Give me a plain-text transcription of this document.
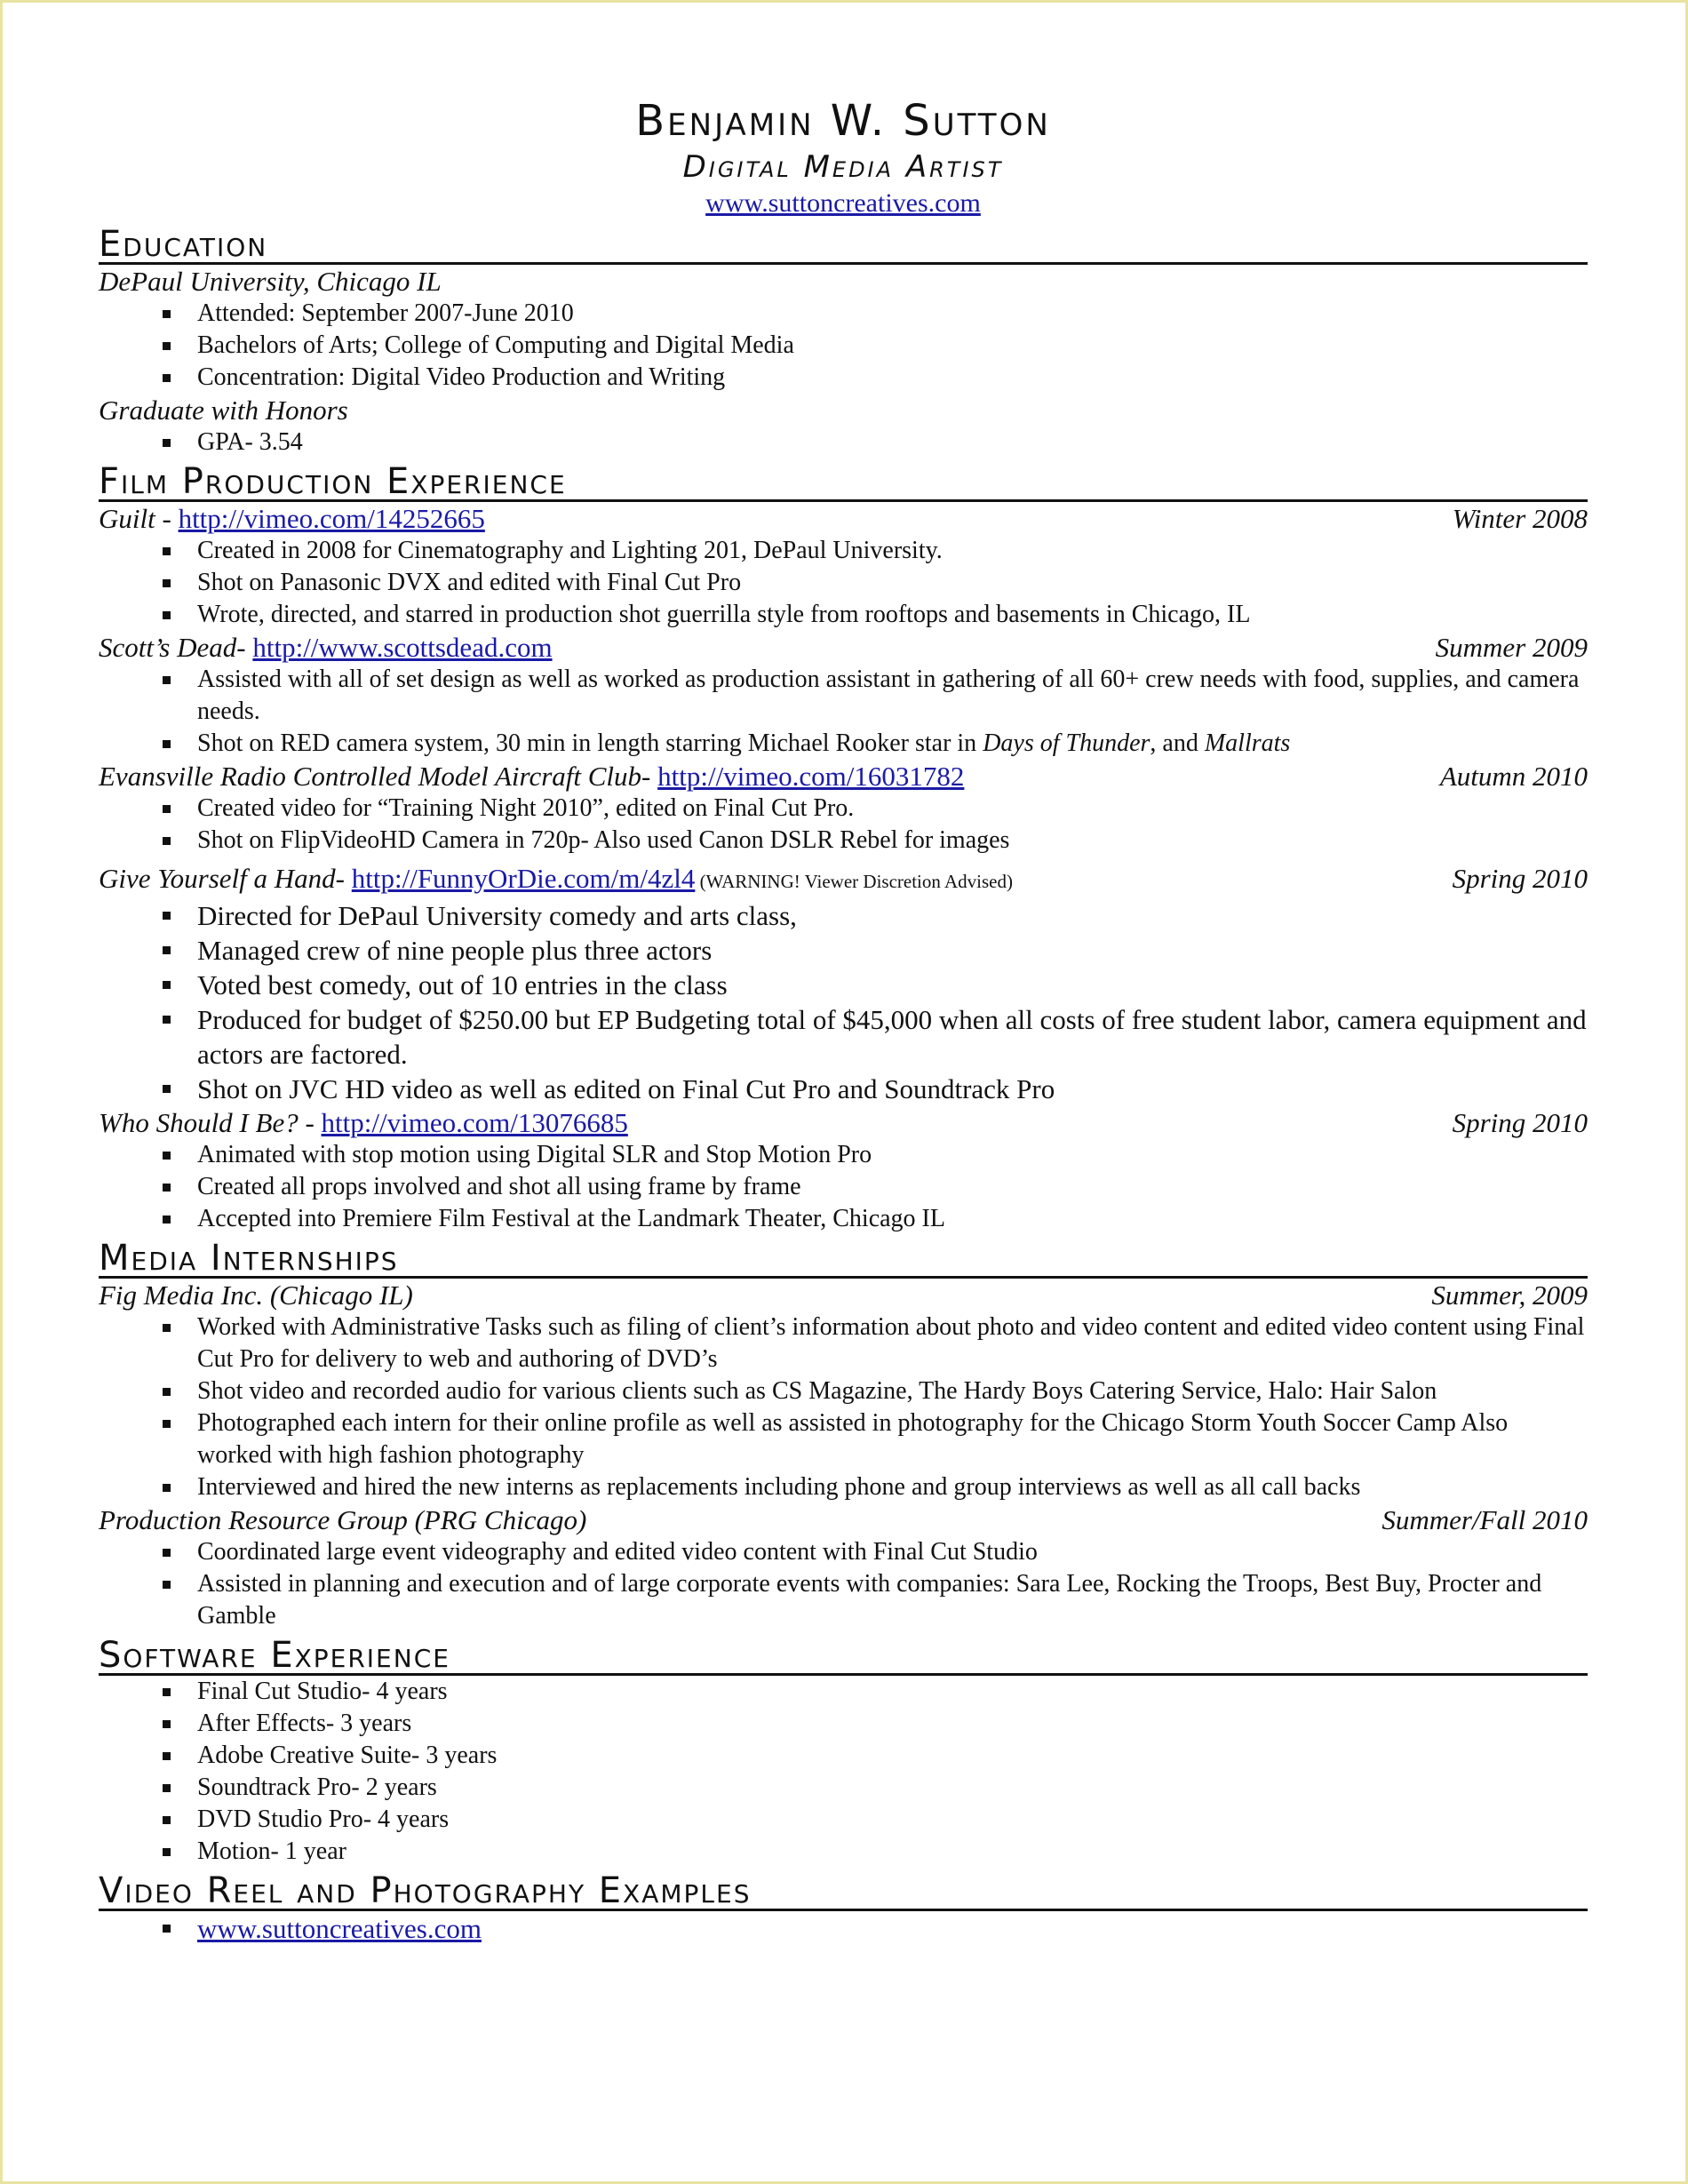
Benjamin W. Sutton
Digital Media Artist
www.suttoncreatives.com
Education
DePaul University, Chicago IL
Attended: September 2007-June 2010
Bachelors of Arts; College of Computing and Digital Media
Concentration: Digital Video Production and Writing
Graduate with Honors
GPA- 3.54
Film Production Experience
Guilt - http://vimeo.com/14252665	Winter 2008
Created in 2008 for Cinematography and Lighting 201, DePaul University.
Shot on Panasonic DVX and edited with Final Cut Pro
Wrote, directed, and starred in production shot guerrilla style from rooftops and basements in Chicago, IL
Scott’s Dead- http://www.scottsdead.com	Summer 2009
Assisted with all of set design as well as worked as production assistant in gathering of all 60+ crew needs with food, supplies, and camera needs.
Shot on RED camera system, 30 min in length starring Michael Rooker star in Days of Thunder, and Mallrats
Evansville Radio Controlled Model Aircraft Club- http://vimeo.com/16031782	Autumn 2010
Created video for “Training Night 2010”, edited on Final Cut Pro.
Shot on FlipVideoHD Camera in 720p- Also used Canon DSLR Rebel for images
Give Yourself a Hand- http://FunnyOrDie.com/m/4zl4 (WARNING! Viewer Discretion Advised)	Spring 2010
Directed for DePaul University comedy and arts class,
Managed crew of nine people plus three actors
Voted best comedy, out of 10 entries in the class
Produced for budget of $250.00 but EP Budgeting total of $45,000 when all costs of free student labor, camera equipment and actors are factored.
Shot on JVC HD video as well as edited on Final Cut Pro and Soundtrack Pro
Who Should I Be? - http://vimeo.com/13076685	Spring 2010
Animated with stop motion using Digital SLR and Stop Motion Pro
Created all props involved and shot all using frame by frame
Accepted into Premiere Film Festival at the Landmark Theater, Chicago IL
Media Internships
Fig Media Inc. (Chicago IL)	Summer, 2009
Worked with Administrative Tasks such as filing of client’s information about photo and video content and edited video content using Final Cut Pro for delivery to web and authoring of DVD’s
Shot video and recorded audio for various clients such as CS Magazine, The Hardy Boys Catering Service, Halo: Hair Salon
Photographed each intern for their online profile as well as assisted in photography for the Chicago Storm Youth Soccer Camp Also worked with high fashion photography
Interviewed and hired the new interns as replacements including phone and group interviews as well as all call backs
Production Resource Group (PRG Chicago)	Summer/Fall 2010
Coordinated large event videography and edited video content with Final Cut Studio
Assisted in planning and execution and of large corporate events with companies: Sara Lee, Rocking the Troops, Best Buy, Procter and Gamble
Software Experience
Final Cut Studio- 4 years
After Effects- 3 years
Adobe Creative Suite- 3 years
Soundtrack Pro- 2 years
DVD Studio Pro- 4 years
Motion- 1 year
Video Reel and Photography Examples
www.suttoncreatives.com
